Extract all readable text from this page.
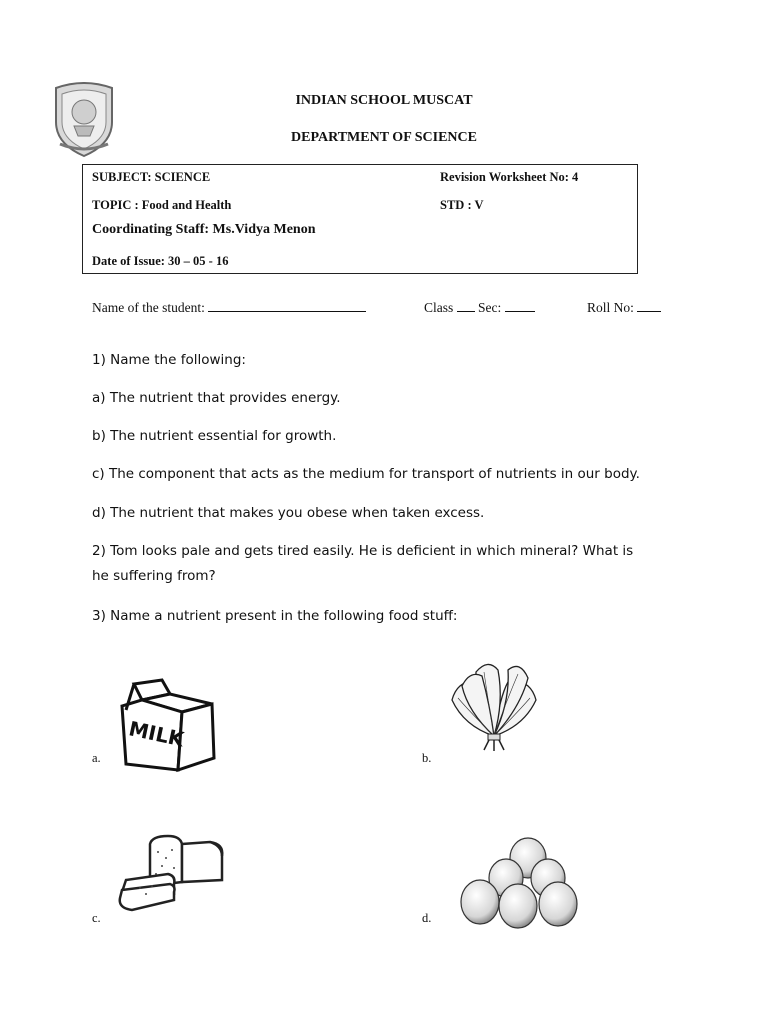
INDIAN SCHOOL MUSCAT
DEPARTMENT OF SCIENCE
SUBJECT: SCIENCE	Revision Worksheet No: 4
TOPIC : Food and Health	STD : V
Coordinating Staff: Ms.Vidya Menon
Date of Issue: 30 – 05 - 16
Name of the student:	Class Sec:	Roll No:
1) Name the following:
a) The nutrient that provides energy.
b) The nutrient essential for growth.
c) The component that acts as the medium for transport of nutrients in our body.
d) The nutrient that makes you obese when taken excess.
2) Tom looks pale and gets tired easily. He is deficient in which mineral? What is
he suffering from?
3) Name a nutrient present in the following food stuff:
a.
MILK
b.
c.	d.
